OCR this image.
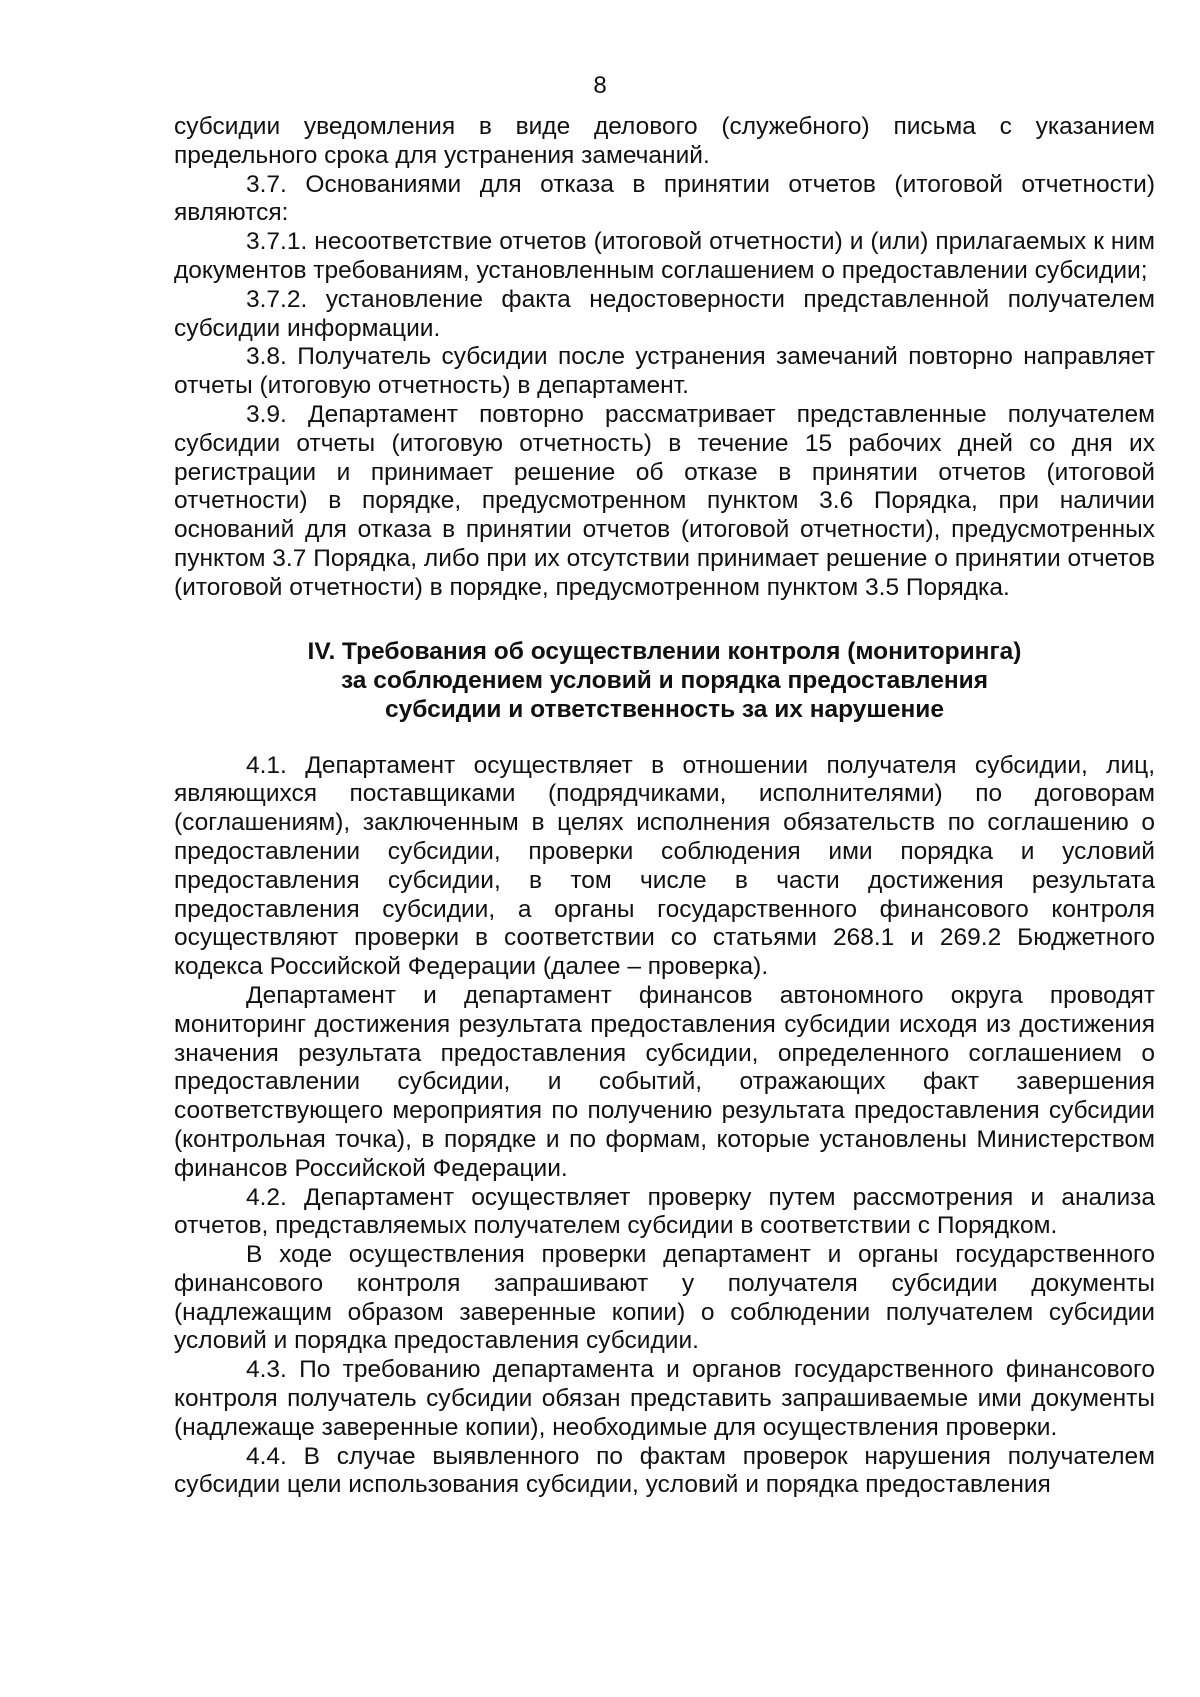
8

субсидии уведомления в виде делового (служебного) письма с указанием предельного срока для устранения замечаний.

3.7. Основаниями для отказа в принятии отчетов (итоговой отчетности) являются:

3.7.1. несоответствие отчетов (итоговой отчетности) и (или) прилагаемых к ним документов требованиям, установленным соглашением о предоставлении субсидии;

3.7.2. установление факта недостоверности представленной получателем субсидии информации.

3.8. Получатель субсидии после устранения замечаний повторно направляет отчеты (итоговую отчетность) в департамент.

3.9. Департамент повторно рассматривает представленные получателем субсидии отчеты (итоговую отчетность) в течение 15 рабочих дней со дня их регистрации и принимает решение об отказе в принятии отчетов (итоговой отчетности) в порядке, предусмотренном пунктом 3.6 Порядка, при наличии оснований для отказа в принятии отчетов (итоговой отчетности), предусмотренных пунктом 3.7 Порядка, либо при их отсутствии принимает решение о принятии отчетов (итоговой отчетности) в порядке, предусмотренном пунктом 3.5 Порядка.

IV. Требования об осуществлении контроля (мониторинга)
за соблюдением условий и порядка предоставления
субсидии и ответственность за их нарушение

4.1. Департамент осуществляет в отношении получателя субсидии, лиц, являющихся поставщиками (подрядчиками, исполнителями) по договорам (соглашениям), заключенным в целях исполнения обязательств по соглашению о предоставлении субсидии, проверки соблюдения ими порядка и условий предоставления субсидии, в том числе в части достижения результата предоставления субсидии, а органы государственного финансового контроля осуществляют проверки в соответствии со статьями 268.1 и 269.2 Бюджетного кодекса Российской Федерации (далее – проверка).

Департамент и департамент финансов автономного округа проводят мониторинг достижения результата предоставления субсидии исходя из достижения значения результата предоставления субсидии, определенного соглашением о предоставлении субсидии, и событий, отражающих факт завершения соответствующего мероприятия по получению результата предоставления субсидии (контрольная точка), в порядке и по формам, которые установлены Министерством финансов Российской Федерации.

4.2. Департамент осуществляет проверку путем рассмотрения и анализа отчетов, представляемых получателем субсидии в соответствии с Порядком.

В ходе осуществления проверки департамент и органы государственного финансового контроля запрашивают у получателя субсидии документы (надлежащим образом заверенные копии) о соблюдении получателем субсидии условий и порядка предоставления субсидии.

4.3. По требованию департамента и органов государственного финансового контроля получатель субсидии обязан представить запрашиваемые ими документы (надлежаще заверенные копии), необходимые для осуществления проверки.

4.4. В случае выявленного по фактам проверок нарушения получателем субсидии цели использования субсидии, условий и порядка предоставления
